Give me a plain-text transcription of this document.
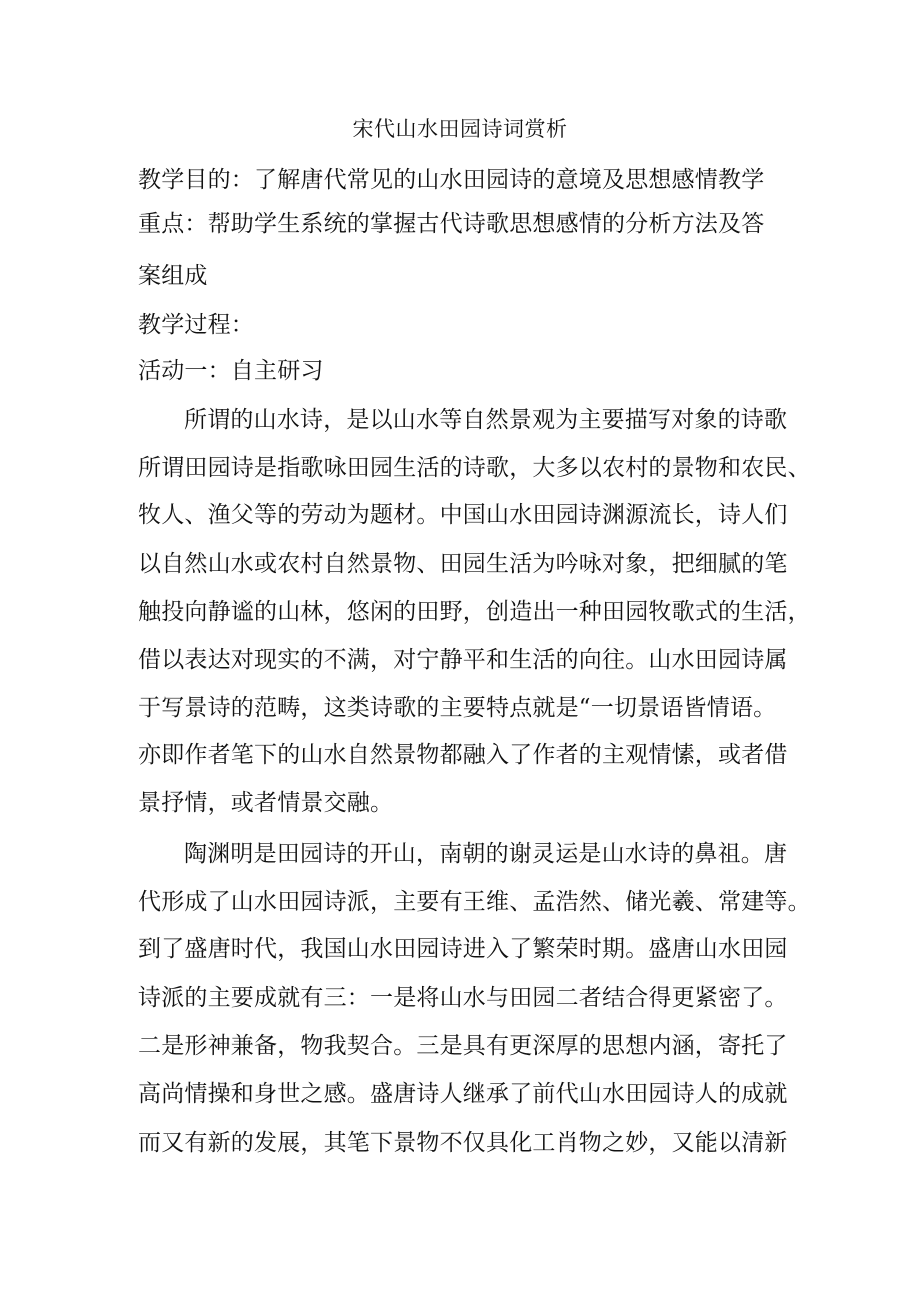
宋代山水田园诗词赏析
教学目的：了解唐代常见的山水田园诗的意境及思想感情教学
重点：帮助学生系统的掌握古代诗歌思想感情的分析方法及答
案组成
教学过程：
活动一：自主研习
所谓的山水诗，是以山水等自然景观为主要描写对象的诗歌
所谓田园诗是指歌咏田园生活的诗歌，大多以农村的景物和农民、
牧人、渔父等的劳动为题材。中国山水田园诗渊源流长，诗人们
以自然山水或农村自然景物、田园生活为吟咏对象，把细腻的笔
触投向静谧的山林，悠闲的田野，创造出一种田园牧歌式的生活，
借以表达对现实的不满，对宁静平和生活的向往。山水田园诗属
于写景诗的范畴，这类诗歌的主要特点就是“一切景语皆情语。
亦即作者笔下的山水自然景物都融入了作者的主观情愫，或者借
景抒情，或者情景交融。
陶渊明是田园诗的开山，南朝的谢灵运是山水诗的鼻祖。唐
代形成了山水田园诗派，主要有王维、孟浩然、储光羲、常建等。
到了盛唐时代，我国山水田园诗进入了繁荣时期。盛唐山水田园
诗派的主要成就有三：一是将山水与田园二者结合得更紧密了。
二是形神兼备，物我契合。三是具有更深厚的思想内涵，寄托了
高尚情操和身世之感。盛唐诗人继承了前代山水田园诗人的成就
而又有新的发展，其笔下景物不仅具化工肖物之妙，又能以清新
